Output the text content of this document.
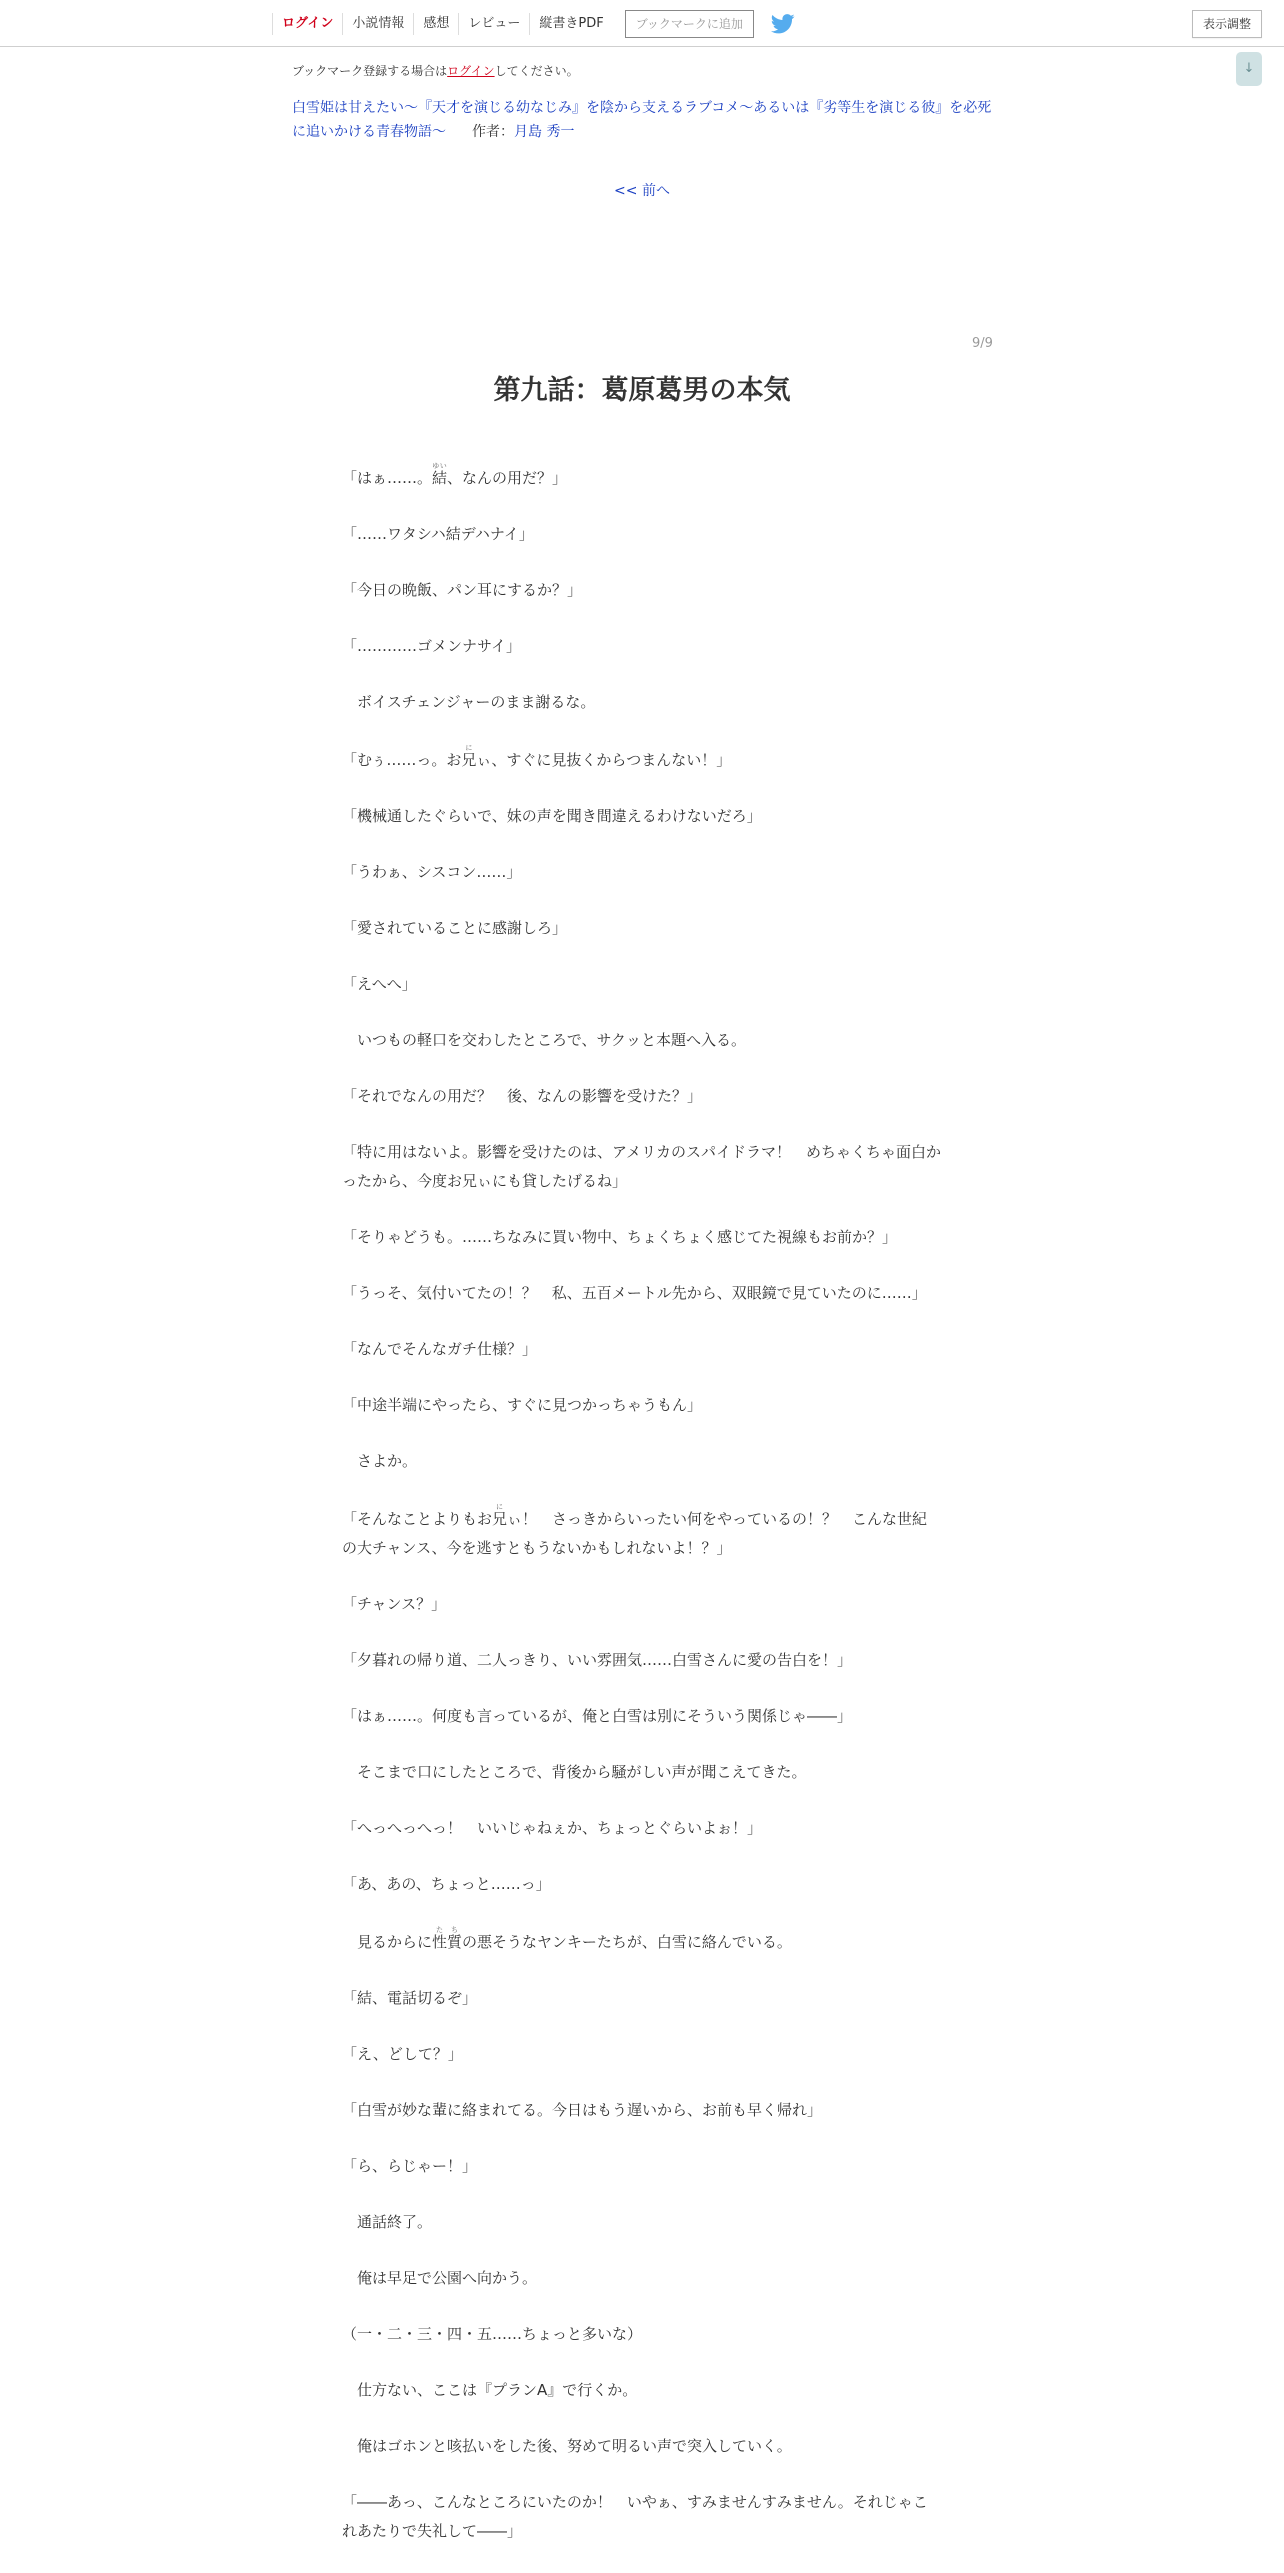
ログイン	小説情報	感想	レビュー	縦書きPDF	ブックマークに追加	表示調整
↓
ブックマーク登録する場合はログインしてください。
白雪姫は甘えたい～『天才を演じる幼なじみ』を陰から支えるラブコメ～あるいは『劣等生を演じる彼』を必死に追いかける青春物語～ 作者：月島 秀一
<< 前へ
9/9
第九話：葛原葛男の本気

「はぁ……。結ゆい、なんの用だ？」

「……ワタシハ結デハナイ」

「今日の晩飯、パン耳にするか？」

「…………ゴメンナサイ」

　ボイスチェンジャーのまま謝るな。

「むぅ……っ。お兄にぃ、すぐに見抜くからつまんない！」

「機械通したぐらいで、妹の声を聞き間違えるわけないだろ」

「うわぁ、シスコン……」

「愛されていることに感謝しろ」

「えへへ」

　いつもの軽口を交わしたところで、サクッと本題へ入る。

「それでなんの用だ？　後、なんの影響を受けた？」

「特に用はないよ。影響を受けたのは、アメリカのスパイドラマ！　めちゃくちゃ面白かったから、今度お兄ぃにも貸したげるね」

「そりゃどうも。……ちなみに買い物中、ちょくちょく感じてた視線もお前か？」

「うっそ、気付いてたの！？　私、五百メートル先から、双眼鏡で見ていたのに……」

「なんでそんなガチ仕様？」

「中途半端にやったら、すぐに見つかっちゃうもん」

　さよか。

「そんなことよりもお兄にぃ！　さっきからいったい何をやっているの！？　こんな世紀の大チャンス、今を逃すともうないかもしれないよ！？」

「チャンス？」

「夕暮れの帰り道、二人っきり、いい雰囲気……白雪さんに愛の告白を！」

「はぁ……。何度も言っているが、俺と白雪は別にそういう関係じゃ――」

　そこまで口にしたところで、背後から騒がしい声が聞こえてきた。

「へっへっへっ！　いいじゃねぇか、ちょっとぐらいよぉ！」

「あ、あの、ちょっと……っ」

　見るからに性た質ちの悪そうなヤンキーたちが、白雪に絡んでいる。

「結、電話切るぞ」

「え、どして？」

「白雪が妙な輩に絡まれてる。今日はもう遅いから、お前も早く帰れ」

「ら、らじゃー！」

　通話終了。

　俺は早足で公園へ向かう。

（一・二・三・四・五……ちょっと多いな）

　仕方ない、ここは『プランA』で行くか。

　俺はゴホンと咳払いをした後、努めて明るい声で突入していく。

「――あっ、こんなところにいたのか！　いやぁ、すみませんすみません。それじゃこれあたりで失礼して――」
